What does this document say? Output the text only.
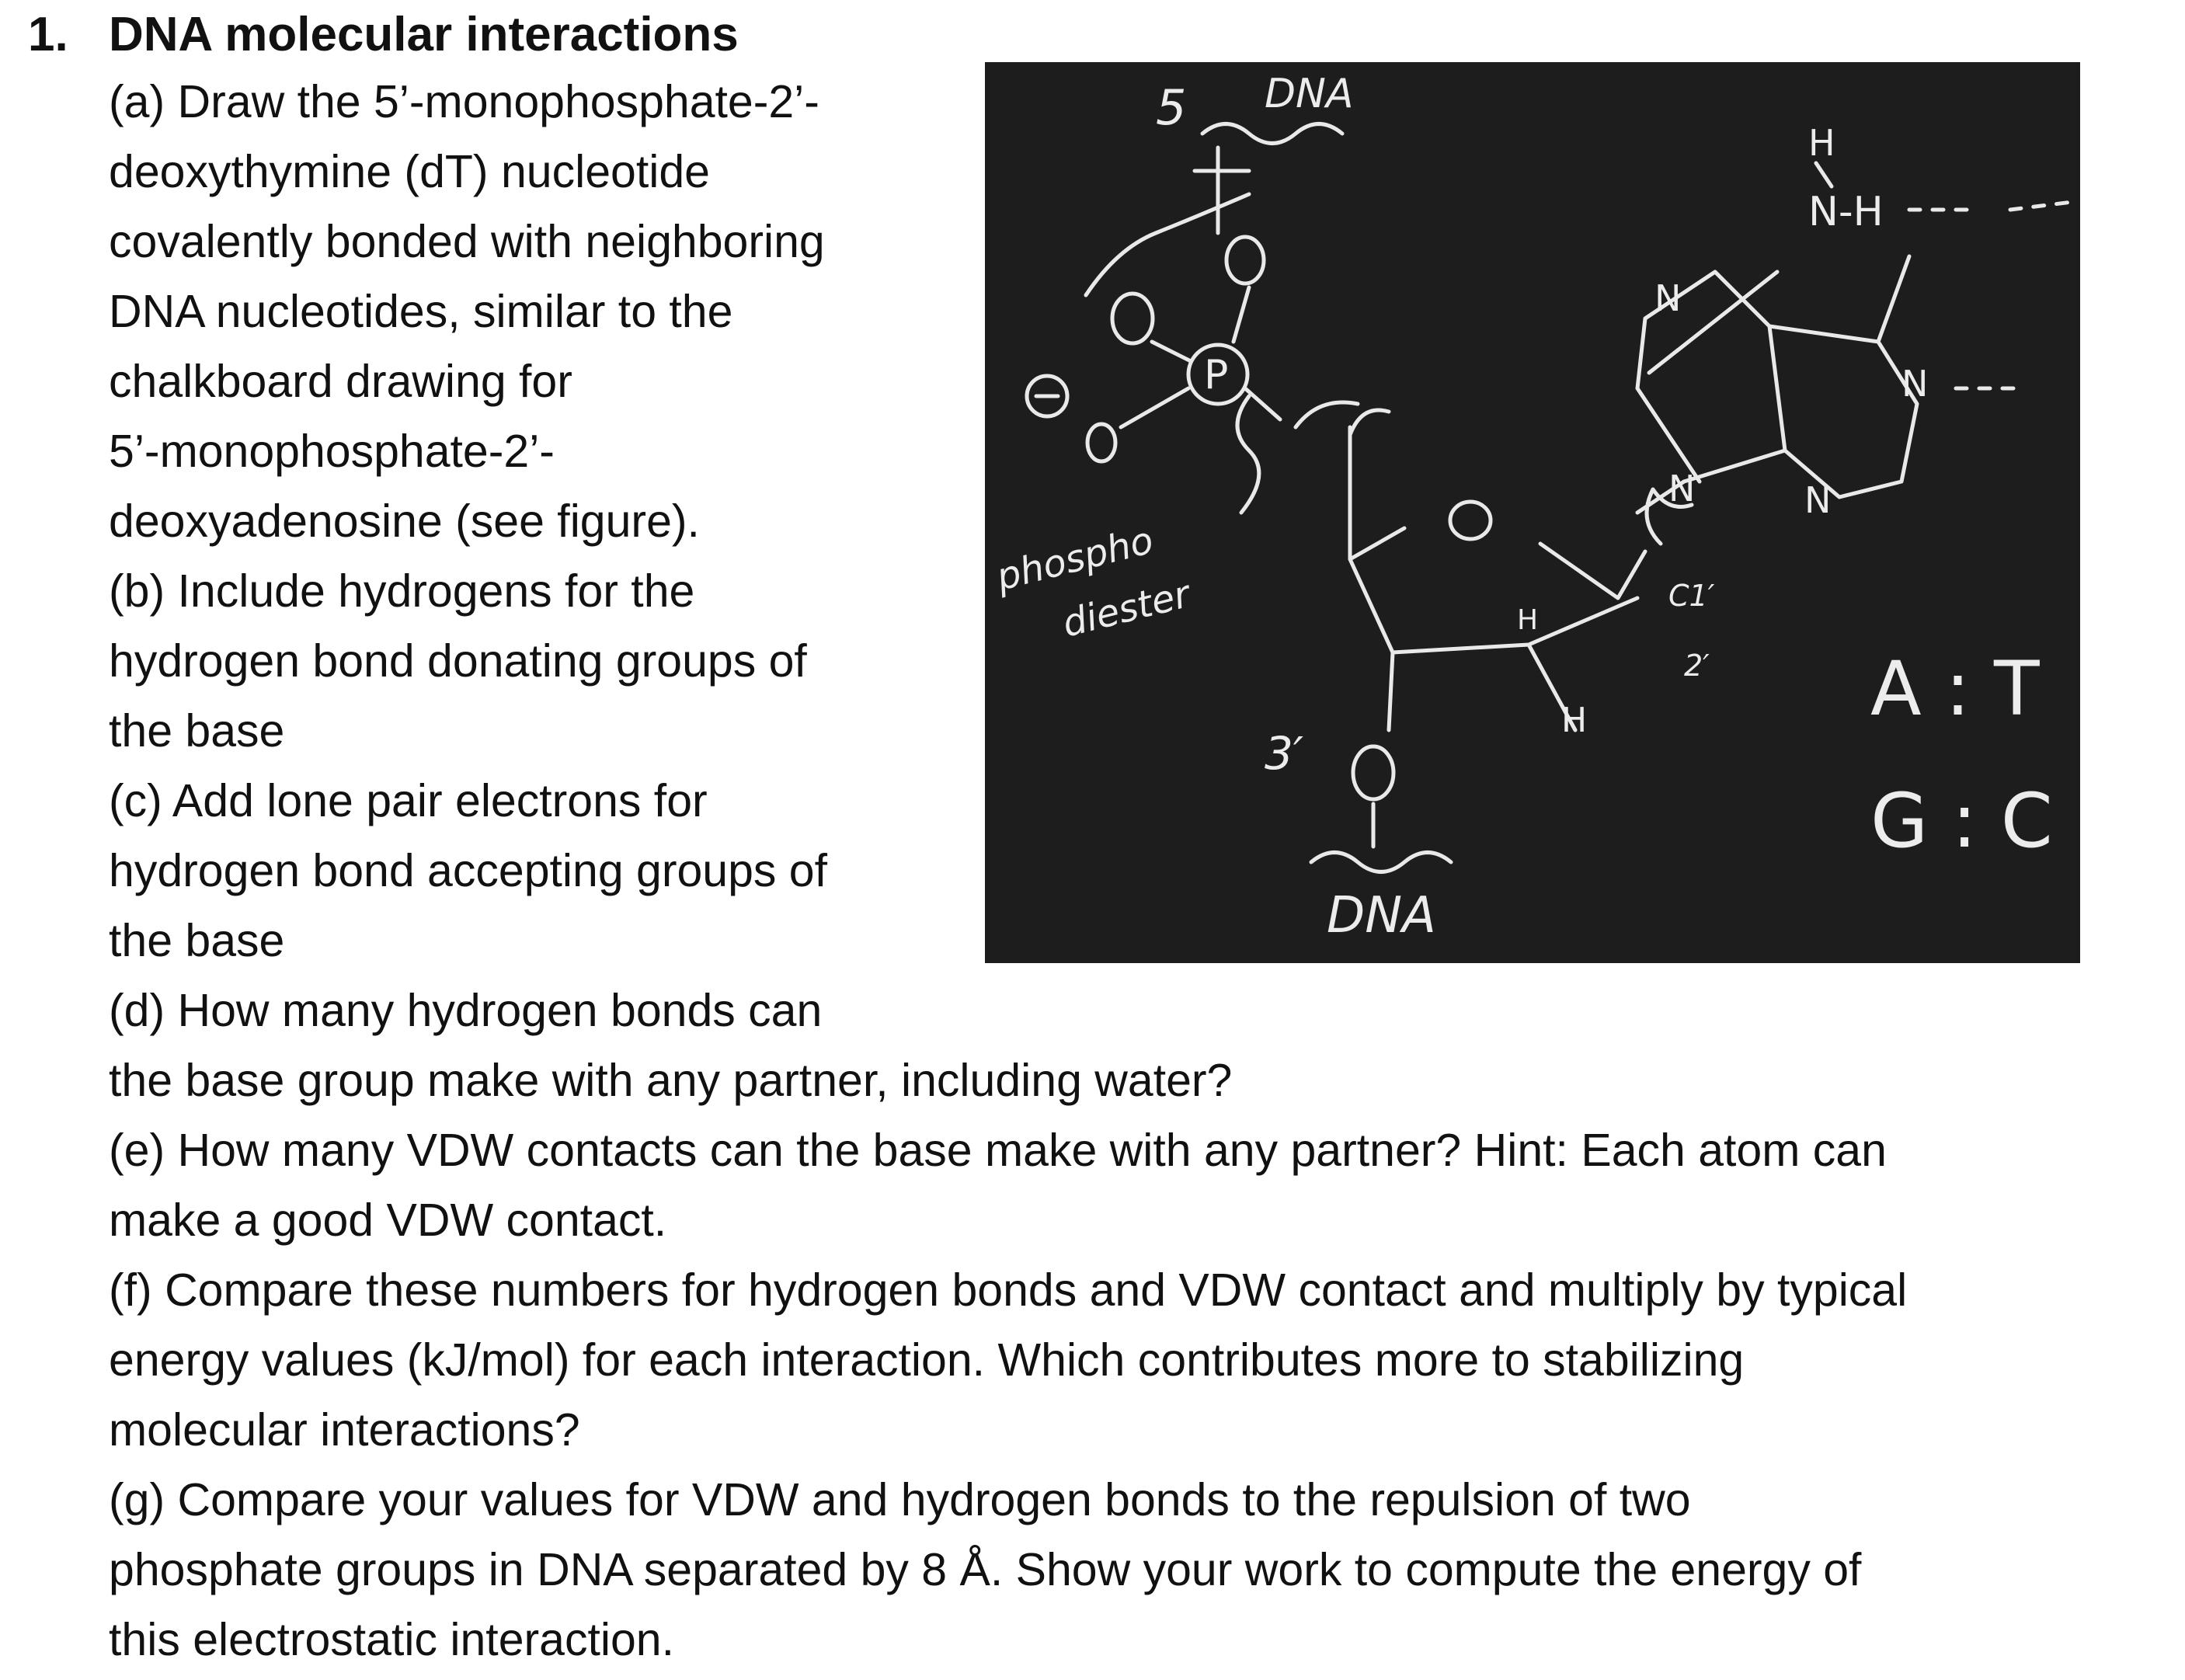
1. DNA molecular interactions
(a) Draw the 5’-monophosphate-2’-
deoxythymine (dT) nucleotide
covalently bonded with neighboring
DNA nucleotides, similar to the
chalkboard drawing for
5’-monophosphate-2’-
deoxyadenosine (see figure).
(b) Include hydrogens for the
hydrogen bond donating groups of
the base
(c) Add lone pair electrons for
hydrogen bond accepting groups of
the base
(d) How many hydrogen bonds can
the base group make with any partner, including water?
(e) How many VDW contacts can the base make with any partner? Hint: Each atom can
make a good VDW contact.
(f) Compare these numbers for hydrogen bonds and VDW contact and multiply by typical
energy values (kJ/mol) for each interaction. Which contributes more to stabilizing
molecular interactions?
(g) Compare your values for VDW and hydrogen bonds to the repulsion of two
phosphate groups in DNA separated by 8 Å. Show your work to compute the energy of
this electrostatic interaction.
5 DNA
P
phospho
diester	C1′
2′
H
H
3′
DNA
N	N
N
N
N-H
H
A : T
G : C
